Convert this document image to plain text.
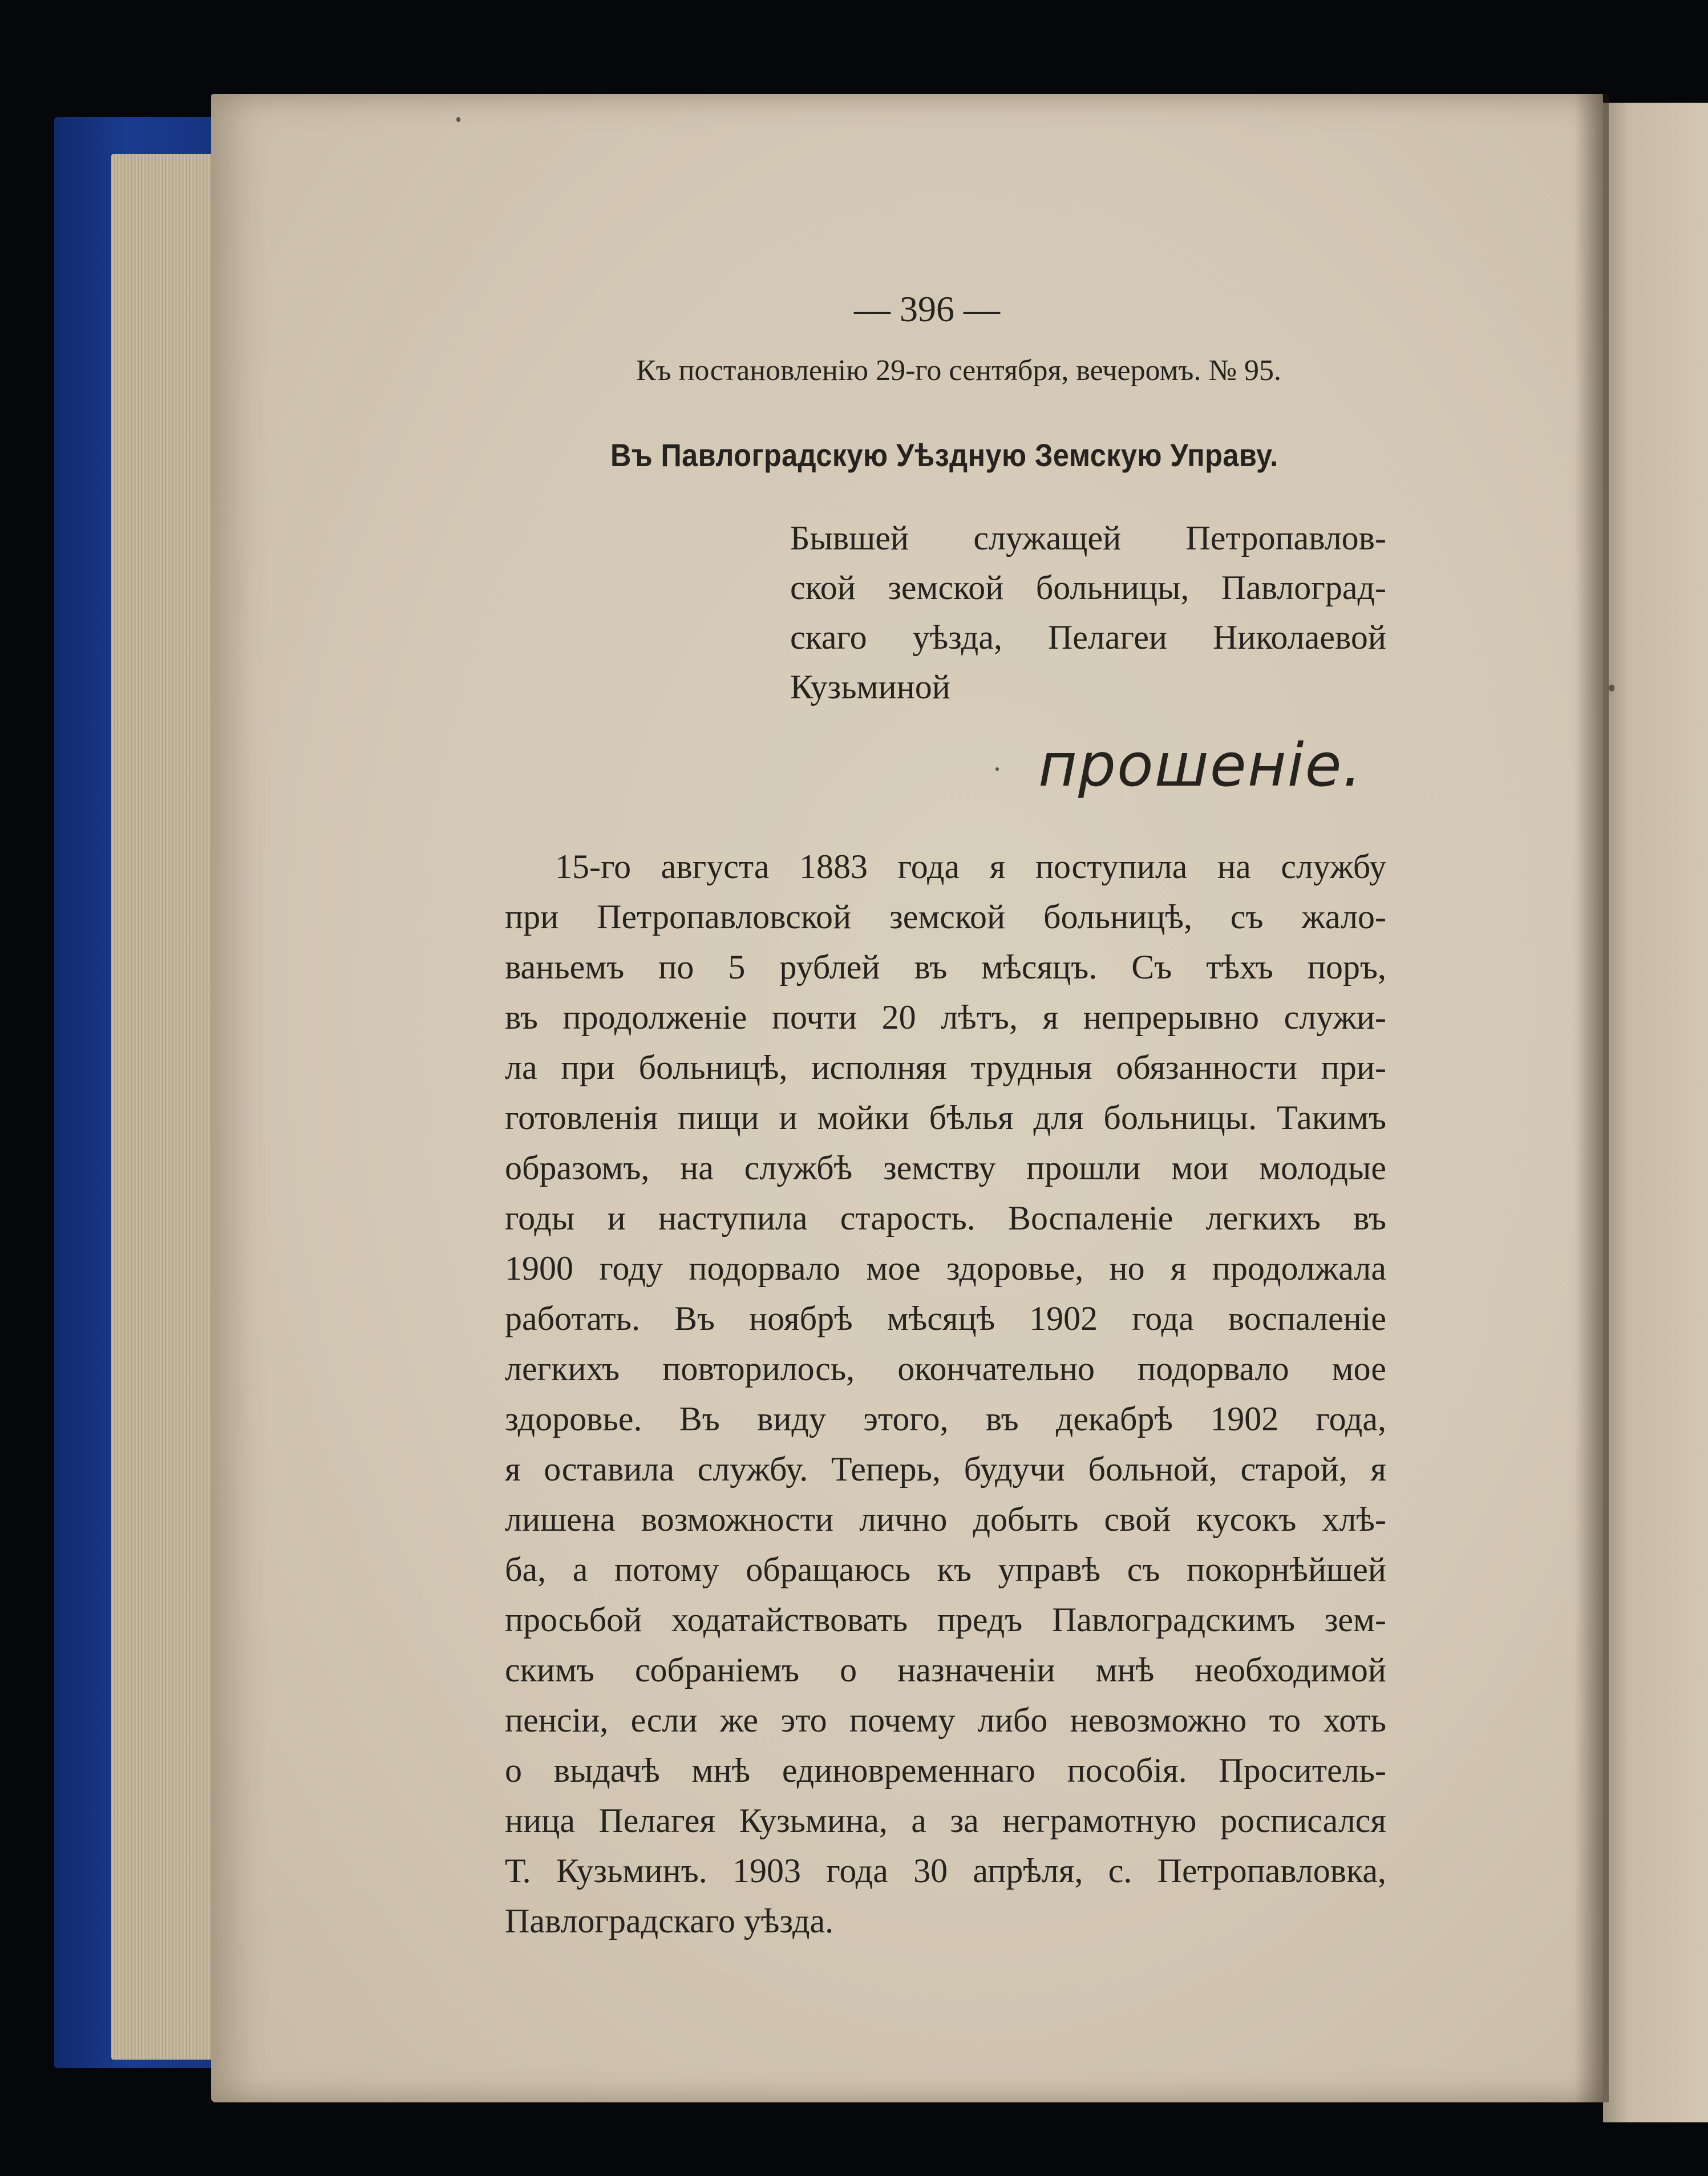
— 396 —
Къ постановленію 29-го сентября, вечеромъ. № 95.
Въ Павлоградскую Уѣздную Земскую Управу.
Бывшей служащей Петропавлов-
ской земской больницы, Павлоград-
скаго уѣзда, Пелагеи Николаевой
Кузьминой
прошеніе.
15-го августа 1883 года я поступила на службу
при Петропавловской земской больницѣ, съ жало-
ваньемъ по 5 рублей въ мѣсяцъ. Съ тѣхъ поръ,
въ продолженіе почти 20 лѣтъ, я непрерывно служи-
ла при больницѣ, исполняя трудныя обязанности при-
готовленія пищи и мойки бѣлья для больницы. Такимъ
образомъ, на службѣ земству прошли мои молодые
годы и наступила старость. Воспаленіе легкихъ въ
1900 году подорвало мое здоровье, но я продолжала
работать. Въ ноябрѣ мѣсяцѣ 1902 года воспаленіе
легкихъ повторилось, окончательно подорвало мое
здоровье. Въ виду этого, въ декабрѣ 1902 года,
я оставила службу. Теперь, будучи больной, старой, я
лишена возможности лично добыть свой кусокъ хлѣ-
ба, а потому обращаюсь къ управѣ съ покорнѣйшей
просьбой ходатайствовать предъ Павлоградскимъ зем-
скимъ собраніемъ о назначеніи мнѣ необходимой
пенсіи, если же это почему либо невозможно то хоть
о выдачѣ мнѣ единовременнаго пособія. Проситель-
ница Пелагея Кузьмина, а за неграмотную росписался
Т. Кузьминъ. 1903 года 30 апрѣля, с. Петропавловка,
Павлоградскаго уѣзда.
